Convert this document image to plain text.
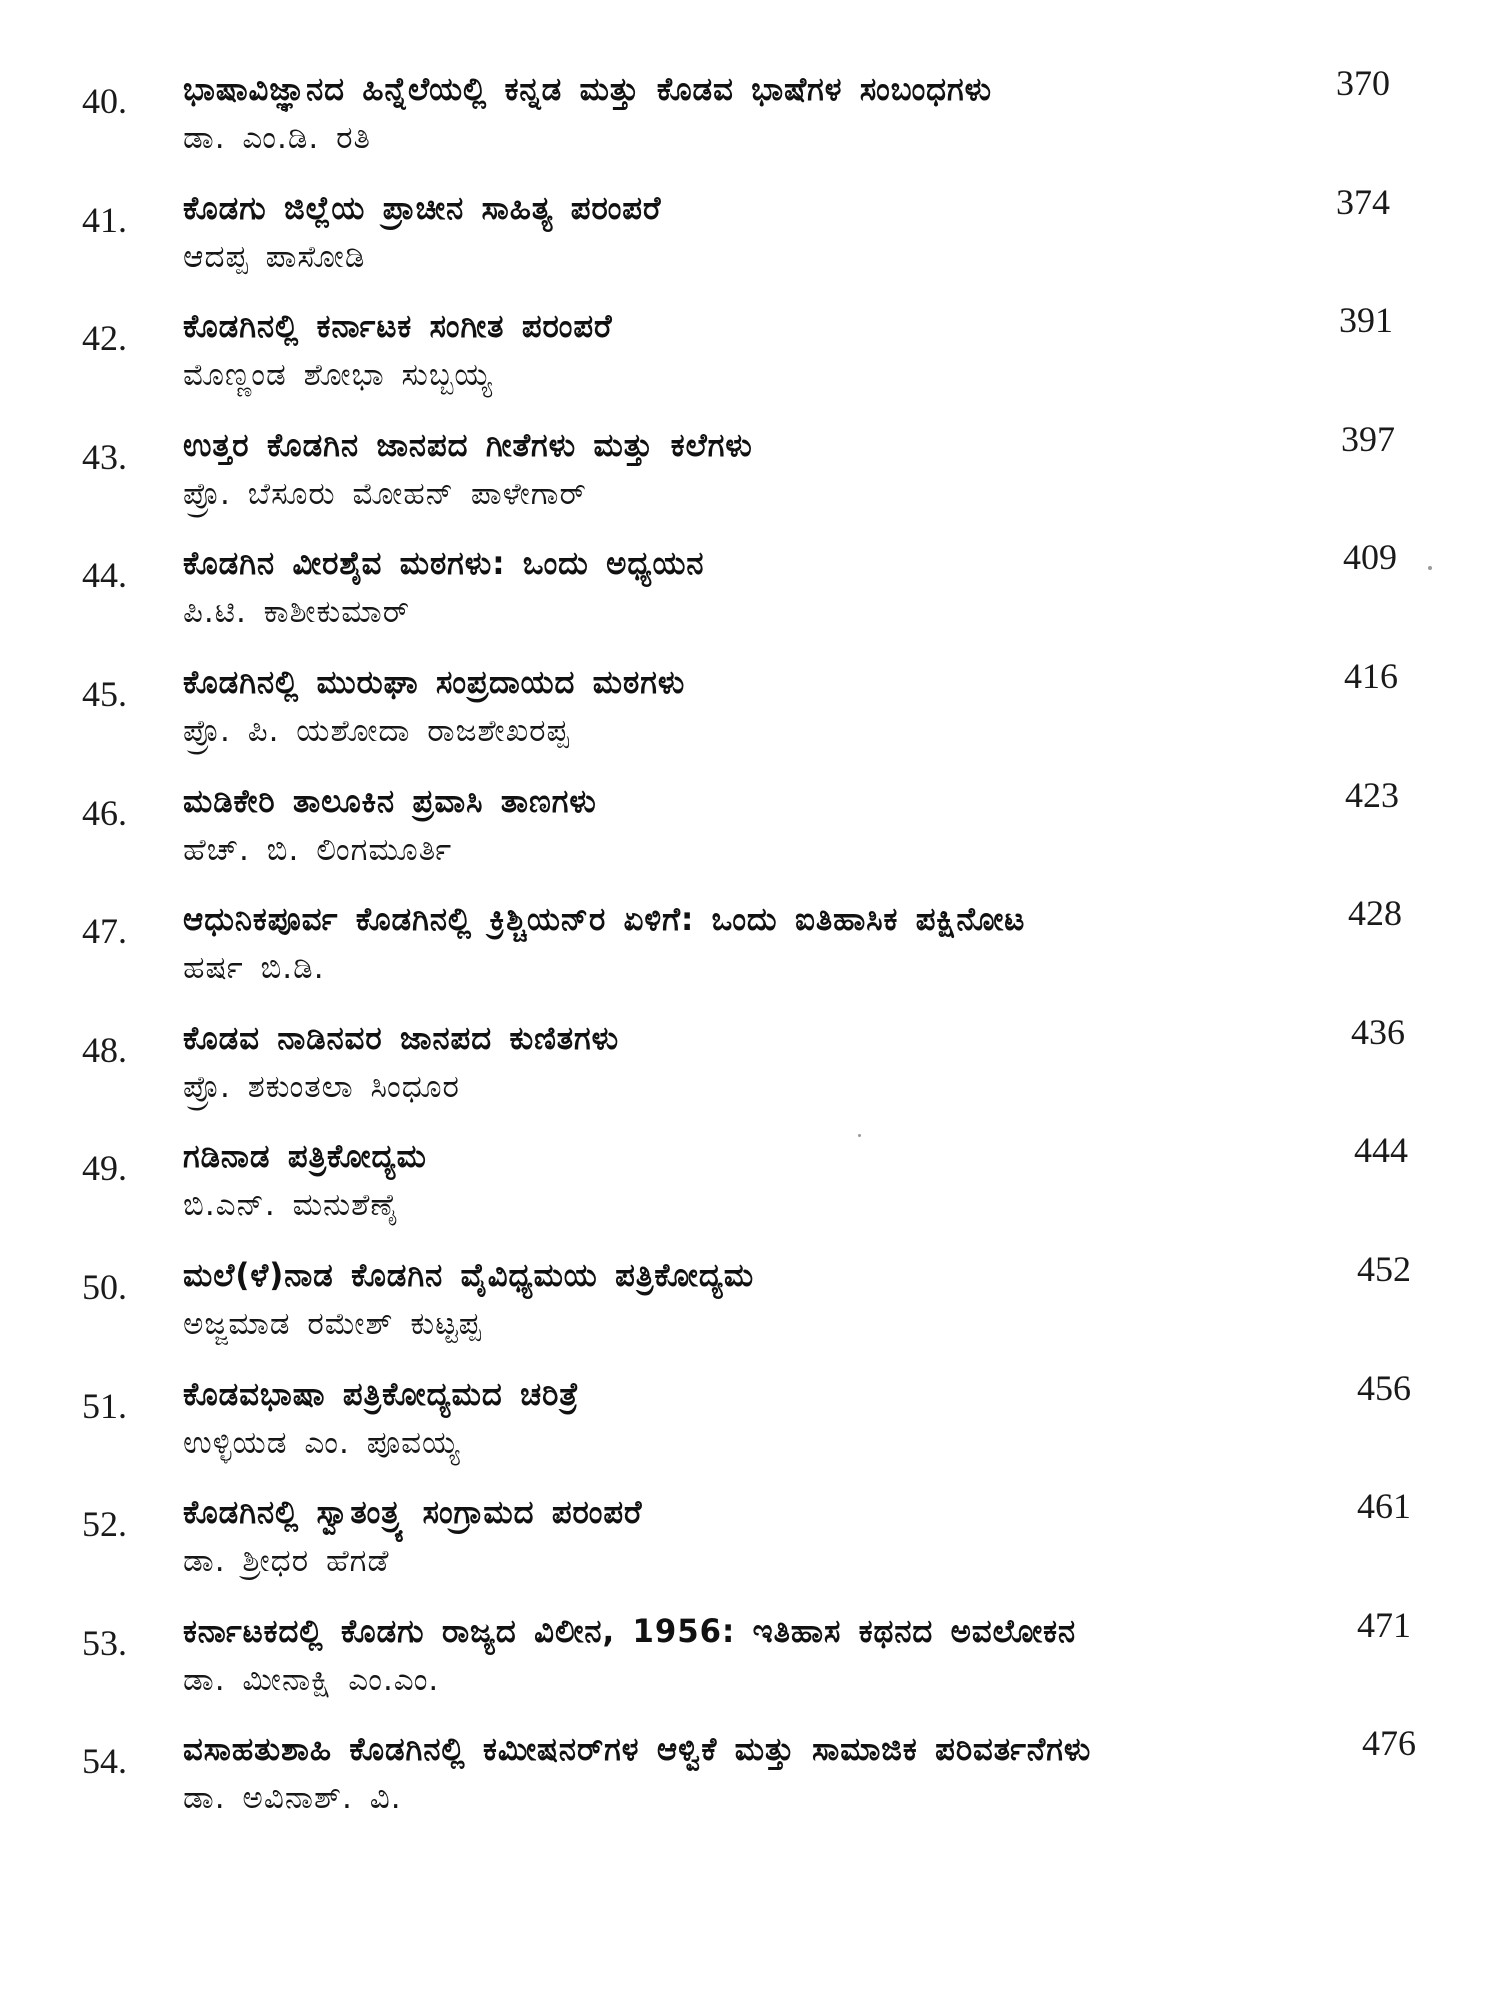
40. ಭಾಷಾವಿಜ್ಞಾನದ ಹಿನ್ನೆಲೆಯಲ್ಲಿ ಕನ್ನಡ ಮತ್ತು ಕೊಡವ ಭಾಷೆಗಳ ಸಂಬಂಧಗಳು
ಡಾ. ಎಂ.ಡಿ. ರತಿ
370
41. ಕೊಡಗು ಜಿಲ್ಲೆಯ ಪ್ರಾಚೀನ ಸಾಹಿತ್ಯ ಪರಂಪರೆ
ಆದಪ್ಪ ಪಾಸೋಡಿ
374
42. ಕೊಡಗಿನಲ್ಲಿ ಕರ್ನಾಟಕ ಸಂಗೀತ ಪರಂಪರೆ
ಮೊಣ್ಣಂಡ ಶೋಭಾ ಸುಬ್ಬಯ್ಯ
391
43. ಉತ್ತರ ಕೊಡಗಿನ ಜಾನಪದ ಗೀತೆಗಳು ಮತ್ತು ಕಲೆಗಳು
ಪ್ರೊ. ಬೆಸೂರು ಮೋಹನ್ ಪಾಳೇಗಾರ್
397
44. ಕೊಡಗಿನ ವೀರಶೈವ ಮಠಗಳು: ಒಂದು ಅಧ್ಯಯನ
ಪಿ.ಟಿ. ಕಾಶೀಕುಮಾರ್
409
45. ಕೊಡಗಿನಲ್ಲಿ ಮುರುಘಾ ಸಂಪ್ರದಾಯದ ಮಠಗಳು
ಪ್ರೊ. ಪಿ. ಯಶೋದಾ ರಾಜಶೇಖರಪ್ಪ
416
46. ಮಡಿಕೇರಿ ತಾಲೂಕಿನ ಪ್ರವಾಸಿ ತಾಣಗಳು
ಹೆಚ್. ಬಿ. ಲಿಂಗಮೂರ್ತಿ
423
47. ಆಧುನಿಕಪೂರ್ವ ಕೊಡಗಿನಲ್ಲಿ ಕ್ರಿಶ್ಚಿಯನ್‌ರ ಏಳಿಗೆ: ಒಂದು ಐತಿಹಾಸಿಕ ಪಕ್ಷಿನೋಟ
ಹರ್ಷ ಬಿ.ಡಿ.
428
48. ಕೊಡವ ನಾಡಿನವರ ಜಾನಪದ ಕುಣಿತಗಳು
ಪ್ರೊ. ಶಕುಂತಲಾ ಸಿಂಧೂರ
436
49. ಗಡಿನಾಡ ಪತ್ರಿಕೋದ್ಯಮ
ಬಿ.ಎನ್. ಮನುಶೆಣೈ
444
50. ಮಲೆ(ಳೆ)ನಾಡ ಕೊಡಗಿನ ವೈವಿಧ್ಯಮಯ ಪತ್ರಿಕೋದ್ಯಮ
ಅಜ್ಜಮಾಡ ರಮೇಶ್ ಕುಟ್ಟಪ್ಪ
452
51. ಕೊಡವಭಾಷಾ ಪತ್ರಿಕೋದ್ಯಮದ ಚರಿತ್ರೆ
ಉಳ್ಳಿಯಡ ಎಂ. ಪೂವಯ್ಯ
456
52. ಕೊಡಗಿನಲ್ಲಿ ಸ್ವಾತಂತ್ರ್ಯ ಸಂಗ್ರಾಮದ ಪರಂಪರೆ
ಡಾ. ಶ್ರೀಧರ ಹೆಗಡೆ
461
53. ಕರ್ನಾಟಕದಲ್ಲಿ ಕೊಡಗು ರಾಜ್ಯದ ವಿಲೀನ, 1956: ಇತಿಹಾಸ ಕಥನದ ಅವಲೋಕನ
ಡಾ. ಮೀನಾಕ್ಷಿ ಎಂ.ಎಂ.
471
54. ವಸಾಹತುಶಾಹಿ ಕೊಡಗಿನಲ್ಲಿ ಕಮೀಷನರ್‌ಗಳ ಆಳ್ವಿಕೆ ಮತ್ತು ಸಾಮಾಜಿಕ ಪರಿವರ್ತನೆಗಳು
ಡಾ. ಅವಿನಾಶ್. ವಿ.
476
